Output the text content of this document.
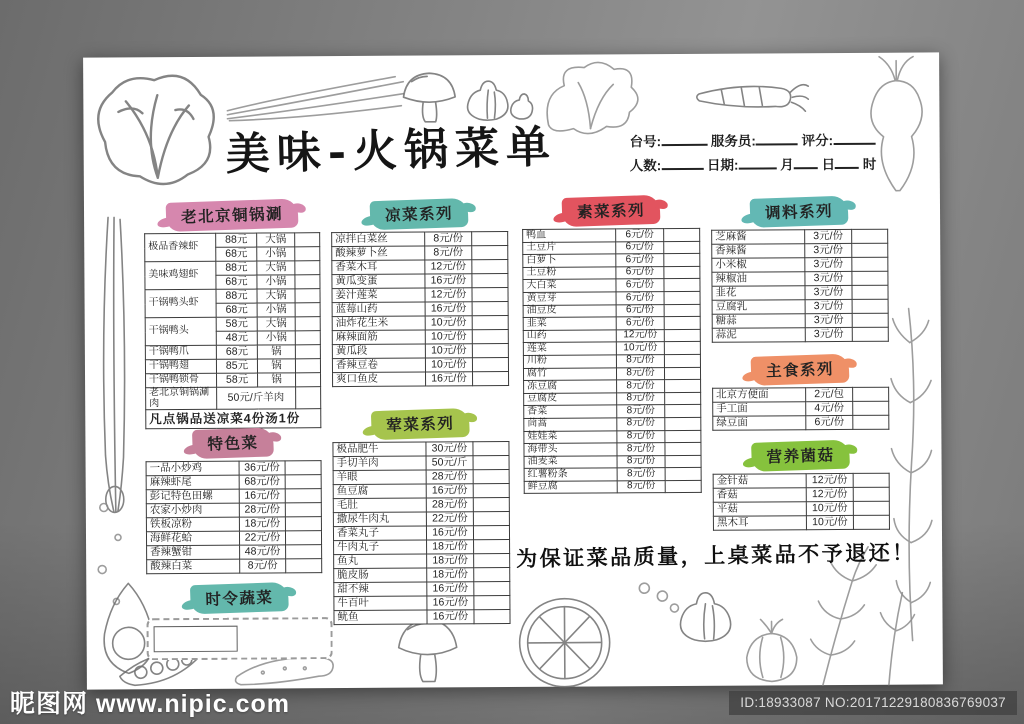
美味-火锅菜单	台号:	服务员:	评分:
人数:	日期:	月 日 时
老北京铜锅涮
极品香辣虾	88元	大锅	
	68元	小锅	
美味鸡翅虾	88元	大锅	
	68元	小锅	
干锅鸭头虾	88元	大锅	
	68元	小锅	
干锅鸭头	58元	大锅	
	48元	小锅	
干锅鸭爪	68元	锅	
干锅鸭翅	85元	锅	
干锅鸭锁骨	58元	锅	
老北京铜锅涮肉	50元/斤羊肉		
凡点锅品送凉菜4份汤1份			
凉菜系列
凉拌白菜丝	8元/份	
酸辣萝卜丝	8元/份	
香菜木耳	12元/份	
黄瓜变蛋	16元/份	
姜汁莲菜	12元/份	
蓝莓山药	16元/份	
油炸花生米	10元/份	
麻辣面筋	10元/份	
黄瓜段	10元/份	
香辣豆卷	10元/份	
爽口鱼皮	16元/份	
荤菜系列
极品肥牛	30元/份	
手切羊肉	50元/斤	
羊眼	28元/份	
鱼豆腐	16元/份	
毛肚	28元/份	
撒尿牛肉丸	22元/份	
香菜丸子	16元/份	
牛肉丸子	18元/份	
鱼丸	18元/份	
脆皮肠	18元/份	
甜不辣	16元/份	
牛百叶	16元/份	
鱿鱼	16元/份	
素菜系列
鸭血	6元/份	
土豆片	6元/份	
白萝卜	6元/份	
土豆粉	6元/份	
大白菜	6元/份	
黄豆芽	6元/份	
油豆皮	6元/份	
韭菜	6元/份	
山药	12元/份	
莲菜	10元/份	
川粉	8元/份	
腐竹	8元/份	
冻豆腐	8元/份	
豆腐皮	8元/份	
香菜	8元/份	
茼蒿	8元/份	
娃娃菜	8元/份	
海带头	8元/份	
油麦菜	8元/份	
红薯粉条	8元/份	
鲜豆腐	8元/份	
调料系列
芝麻酱	3元/份	
香辣酱	3元/份	
小米椒	3元/份	
辣椒油	3元/份	
韭花	3元/份	
豆腐乳	3元/份	
糖蒜	3元/份	
蒜泥	3元/份	
主食系列
北京方便面	2元/包	
手工面	4元/份	
绿豆面	6元/份	
营养菌菇
金针菇	12元/份	
香菇	12元/份	
平菇	10元/份	
黑木耳	10元/份	
特色菜
一品小炒鸡	36元/份	
麻辣虾尾	68元/份	
彭记特色田螺	16元/份	
农家小炒肉	28元/份	
铁板凉粉	18元/份	
海鲜花蛤	22元/份	
香辣蟹钳	48元/份	
酸辣白菜	8元/份	
时令蔬菜
为保证菜品质量，上桌菜品不予退还！
昵图网 www.nipic.com	ID:18933087 NO:20171229180836769037
